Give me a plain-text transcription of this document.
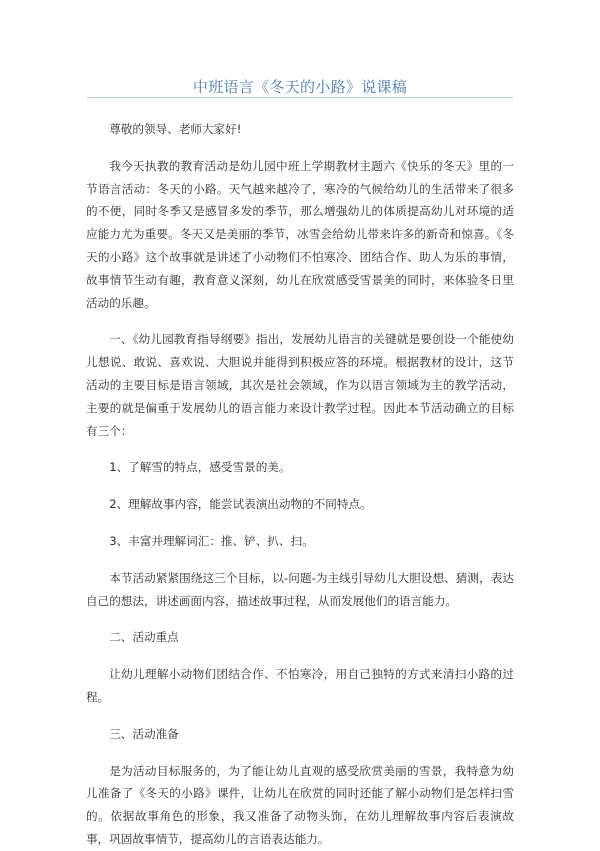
中班语言《冬天的小路》说课稿

尊敬的领导、老师大家好!

我今天执教的教育活动是幼儿园中班上学期教材主题六《快乐的冬天》里的一节语言活动：冬天的小路。天气越来越冷了，寒冷的气候给幼儿的生活带来了很多的不便，同时冬季又是感冒多发的季节，那么增强幼儿的体质提高幼儿对环境的适应能力尤为重要。冬天又是美丽的季节，冰雪会给幼儿带来许多的新奇和惊喜。《冬天的小路》这个故事就是讲述了小动物们不怕寒冷、团结合作、助人为乐的事情，故事情节生动有趣，教育意义深刻，幼儿在欣赏感受雪景美的同时，来体验冬日里活动的乐趣。

一、《幼儿园教育指导纲要》指出，发展幼儿语言的关键就是要创设一个能使幼儿想说、敢说、喜欢说、大胆说并能得到积极应答的环境。根据教材的设计，这节活动的主要目标是语言领域，其次是社会领域，作为以语言领域为主的教学活动，主要的就是偏重于发展幼儿的语言能力来设计教学过程。因此本节活动确立的目标有三个：

1、了解雪的特点，感受雪景的美。

2、理解故事内容，能尝试表演出动物的不同特点。

3、丰富并理解词汇：推、铲、扒、扫。

本节活动紧紧围绕这三个目标，以-问题-为主线引导幼儿大胆设想、猜测，表达自己的想法，讲述画面内容，描述故事过程，从而发展他们的语言能力。

二、活动重点

让幼儿理解小动物们团结合作、不怕寒冷，用自己独特的方式来清扫小路的过程。

三、活动准备

是为活动目标服务的，为了能让幼儿直观的感受欣赏美丽的雪景，我特意为幼儿准备了《冬天的小路》课件，让幼儿在欣赏的同时还能了解小动物们是怎样扫雪的。依据故事角色的形象，我又准备了动物头饰，在幼儿理解故事内容后表演故事，巩固故事情节，提高幼儿的言语表达能力。
